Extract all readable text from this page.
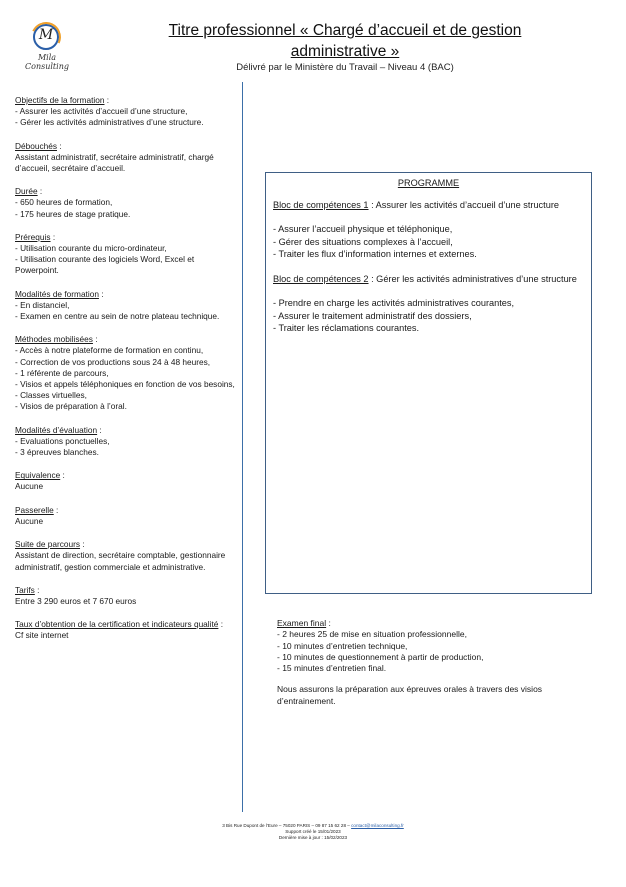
M
Mila Consulting
Titre professionnel « Chargé d’accueil et de gestion administrative »
Délivré par le Ministère du Travail – Niveau 4 (BAC)
Objectifs de la formation :
- Assurer les activités d’accueil d’une structure,
- Gérer les activités administratives d’une structure.
Débouchés :
Assistant administratif, secrétaire administratif, chargé d’accueil, secrétaire d’accueil.
Durée :
- 650 heures de formation,
- 175 heures de stage pratique.
Prérequis :
- Utilisation courante du micro-ordinateur,
- Utilisation courante des logiciels Word, Excel et Powerpoint.
Modalités de formation :
- En distanciel,
- Examen en centre au sein de notre plateau technique.
Méthodes mobilisées :
- Accès à notre plateforme de formation en continu,
- Correction de vos productions sous 24 à 48 heures,
- 1 référente de parcours,
- Visios et appels téléphoniques en fonction de vos besoins,
- Classes virtuelles,
- Visios de préparation à l’oral.
Modalités d’évaluation :
- Evaluations ponctuelles,
- 3 épreuves blanches.
Equivalence :
Aucune
Passerelle :
Aucune
Suite de parcours :
Assistant de direction, secrétaire comptable, gestionnaire administratif, gestion commerciale et administrative.
Tarifs :
Entre 3 290 euros et 7 670 euros
Taux d’obtention de la certification et indicateurs qualité :
Cf site internet
PROGRAMME
Bloc de compétences 1 : Assurer les activités d’accueil d’une structure
- Assurer l’accueil physique et téléphonique,
- Gérer des situations complexes à l’accueil,
- Traiter les flux d’information internes et externes.
Bloc de compétences 2 : Gérer les activités administratives d’une structure
- Prendre en charge les activités administratives courantes,
- Assurer le traitement administratif des dossiers,
- Traiter les réclamations courantes.
Examen final :
- 2 heures 25 de mise en situation professionnelle,
- 10 minutes d’entretien technique,
- 10 minutes de questionnement à partir de production,
- 15 minutes d’entretien final.
Nous assurons la préparation aux épreuves orales à travers des visios d’entrainement.
3 Bis Rue Dupont de l’Eure – 75020 PARIS – 09 87 15 62 28 – contact@milaconsulting.fr
Support créé le 15/01/2023
Dernière mise à jour : 15/02/2023
